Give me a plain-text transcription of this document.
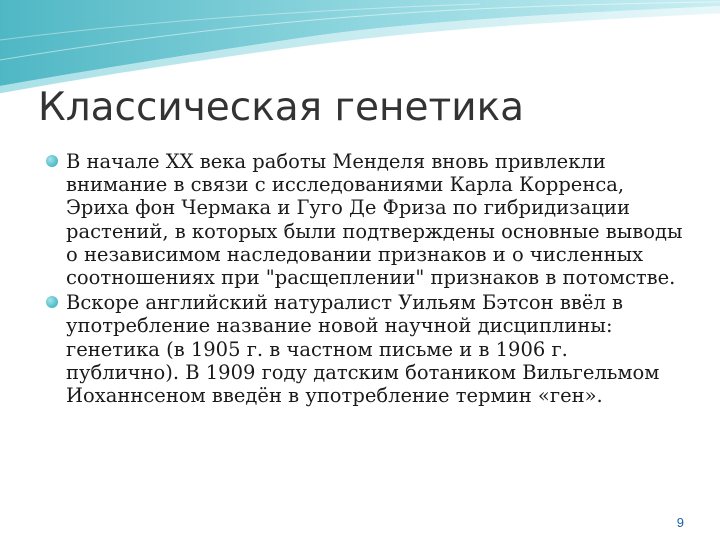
Классическая генетика
В начале XX века работы Менделя вновь привлекли внимание в связи с исследованиями Карла Корренса, Эриха фон Чермака и Гуго Де Фриза по гибридизации растений, в которых были подтверждены основные выводы о независимом наследовании признаков и о численных соотношениях при "расщеплении" признаков в потомстве.
Вскоре английский натуралист Уильям Бэтсон ввёл в употребление название новой научной дисциплины: генетика (в 1905 г. в частном письме и в 1906 г. публично). В 1909 году датским ботаником Вильгельмом Иоханнсеном введён в употребление термин «ген».
9
